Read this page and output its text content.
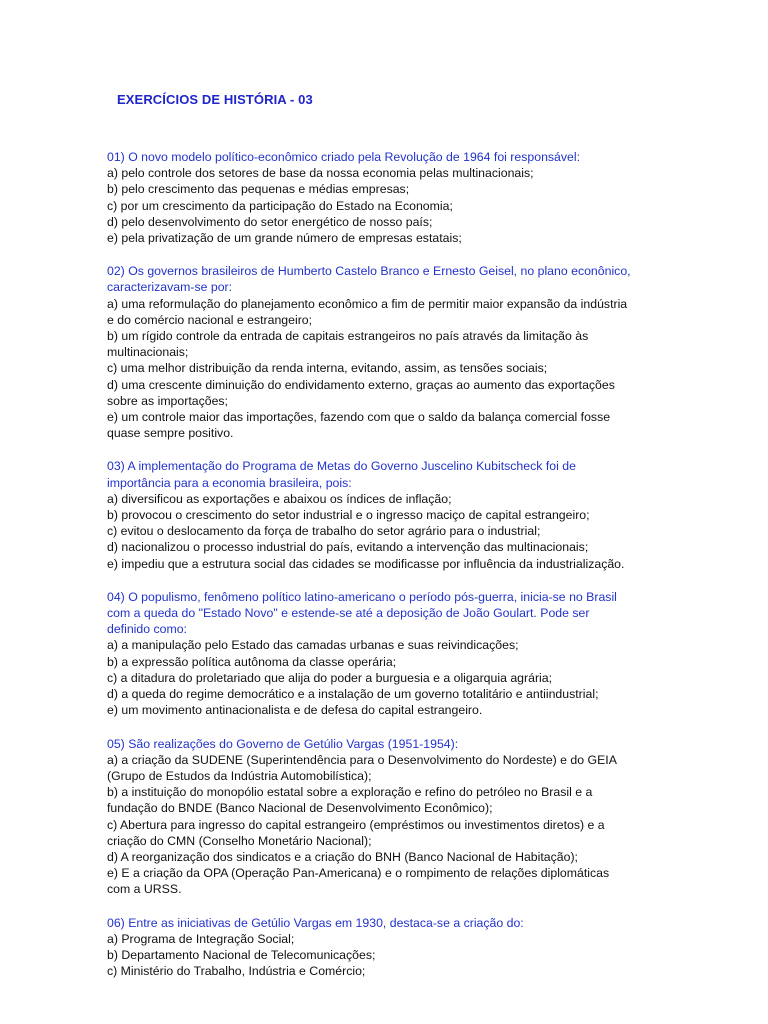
EXERCÍCIOS DE HISTÓRIA - 03
01) O novo modelo político-econômico criado pela Revolução de 1964 foi responsável:
a) pelo controle dos setores de base da nossa economia pelas multinacionais;
b) pelo crescimento das pequenas e médias empresas;
c) por um crescimento da participação do Estado na Economia;
d) pelo desenvolvimento do setor energético de nosso país;
e) pela privatização de um grande número de empresas estatais;
02) Os governos brasileiros de Humberto Castelo Branco e Ernesto Geisel, no plano econônico,
caracterizavam-se por:
a) uma reformulação do planejamento econômico a fim de permitir maior expansão da indústria
e do comércio nacional e estrangeiro;
b) um rígido controle da entrada de capitais estrangeiros no país através da limitação às
multinacionais;
c) uma melhor distribuição da renda interna, evitando, assim, as tensões sociais;
d) uma crescente diminuição do endividamento externo, graças ao aumento das exportações
sobre as importações;
e) um controle maior das importações, fazendo com que o saldo da balança comercial fosse
quase sempre positivo.
03) A implementação do Programa de Metas do Governo Juscelino Kubitscheck foi de
importância para a economia brasileira, pois:
a) diversificou as exportações e abaixou os índices de inflação;
b) provocou o crescimento do setor industrial e o ingresso maciço de capital estrangeiro;
c) evitou o deslocamento da força de trabalho do setor agrário para o industrial;
d) nacionalizou o processo industrial do país, evitando a intervenção das multinacionais;
e) impediu que a estrutura social das cidades se modificasse por influência da industrialização.
04) O populismo, fenômeno político latino-americano o período pós-guerra, inicia-se no Brasil
com a queda do "Estado Novo" e estende-se até a deposição de João Goulart. Pode ser
definido como:
a) a manipulação pelo Estado das camadas urbanas e suas reivindicações;
b) a expressão política autônoma da classe operária;
c) a ditadura do proletariado que alija do poder a burguesia e a oligarquia agrária;
d) a queda do regime democrático e a instalação de um governo totalitário e antiindustrial;
e) um movimento antinacionalista e de defesa do capital estrangeiro.
05) São realizações do Governo de Getúlio Vargas (1951-1954):
a) a criação da SUDENE (Superintendência para o Desenvolvimento do Nordeste) e do GEIA
(Grupo de Estudos da Indústria Automobilística);
b) a instituição do monopólio estatal sobre a exploração e refino do petróleo no Brasil e a
fundação do BNDE (Banco Nacional de Desenvolvimento Econômico);
c) Abertura para ingresso do capital estrangeiro (empréstimos ou investimentos diretos) e a
criação do CMN (Conselho Monetário Nacional);
d) A reorganização dos sindicatos e a criação do BNH (Banco Nacional de Habitação);
e) E a criação da OPA (Operação Pan-Americana) e o rompimento de relações diplomáticas
com a URSS.
06) Entre as iniciativas de Getúlio Vargas em 1930, destaca-se a criação do:
a) Programa de Integração Social;
b) Departamento Nacional de Telecomunicações;
c) Ministério do Trabalho, Indústria e Comércio;
